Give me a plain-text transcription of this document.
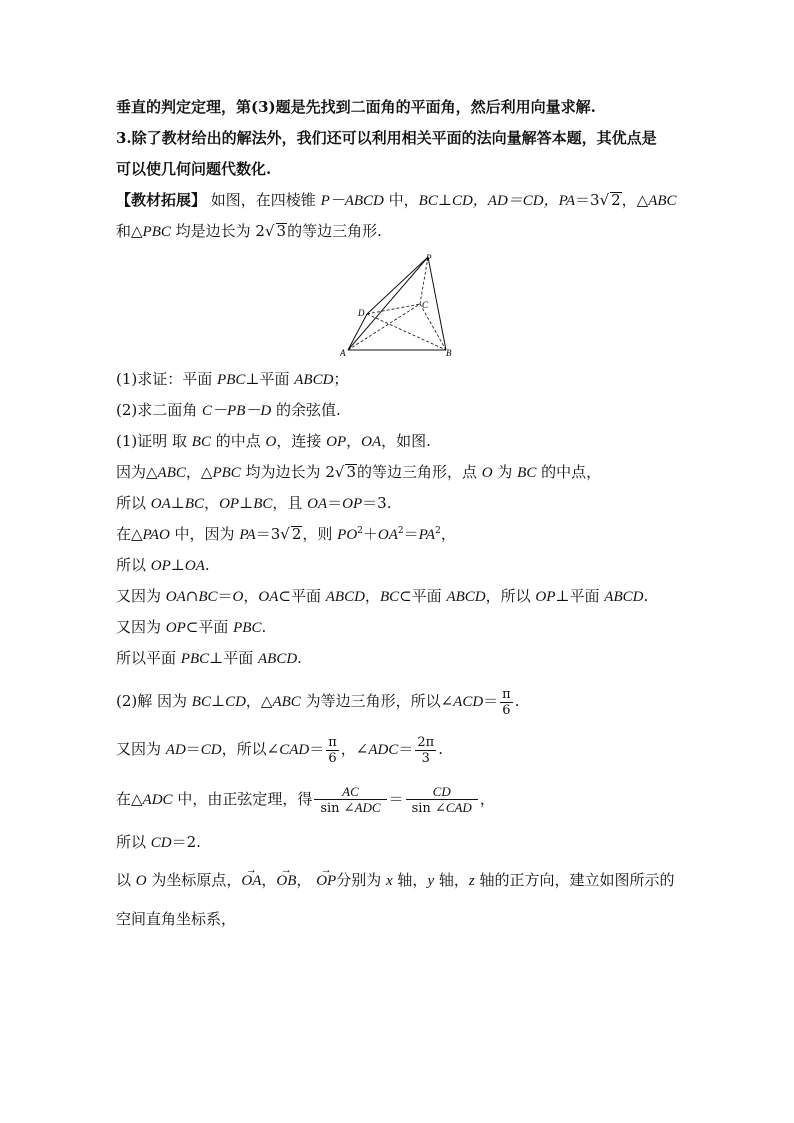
垂直的判定定理，第(3)题是先找到二面角的平面角，然后利用向量求解.
3.除了教材给出的解法外，我们还可以利用相关平面的法向量解答本题，其优点是
可以使几何问题代数化.
【教材拓展】 如图，在四棱锥 P－ABCD 中，BC⊥CD，AD＝CD，PA＝3√ 2，△ABC
和△PBC 均是边长为 2√ 3的等边三角形.
P
C
D
A	B
(1)求证：平面 PBC⊥平面 ABCD；
(2)求二面角 C－PB－D 的余弦值.
(1)证明 取 BC 的中点 O，连接 OP，OA，如图.
因为△ABC，△PBC 均为边长为 2√ 3的等边三角形，点 O 为 BC 的中点，
所以 OA⊥BC，OP⊥BC，且 OA＝OP＝3.
在△PAO 中，因为 PA＝3√ 2，则 $PO^2+OA^2=PA^2$，
所以 OP⊥OA.
又因为 OA∩BC＝O，OA⊂平面 ABCD，BC⊂平面 ABCD，所以 OP⊥平面 ABCD.
又因为 OP⊂平面 PBC.
所以平面 PBC⊥平面 ABCD.
(2)解 因为 BC⊥CD，△ABC 为等边三角形，所以∠ACD＝ $\frac{\pi}{6}$ .
又因为 AD＝CD，所以∠CAD＝ $\frac{\pi}{6}$ ，∠ADC＝ $\frac{2\pi}{3}$ .
在△ADC 中，由正弦定理，得 $\frac{AC}{\text{sin ∠ADC}} = \frac{CD}{\text{sin ∠CAD}}$ ，
所以 CD＝2.
以 O 为坐标原点，→ OA，→ OB， → OP分别为 x 轴，y 轴，z 轴的正方向，建立如图所示的
空间直角坐标系，
